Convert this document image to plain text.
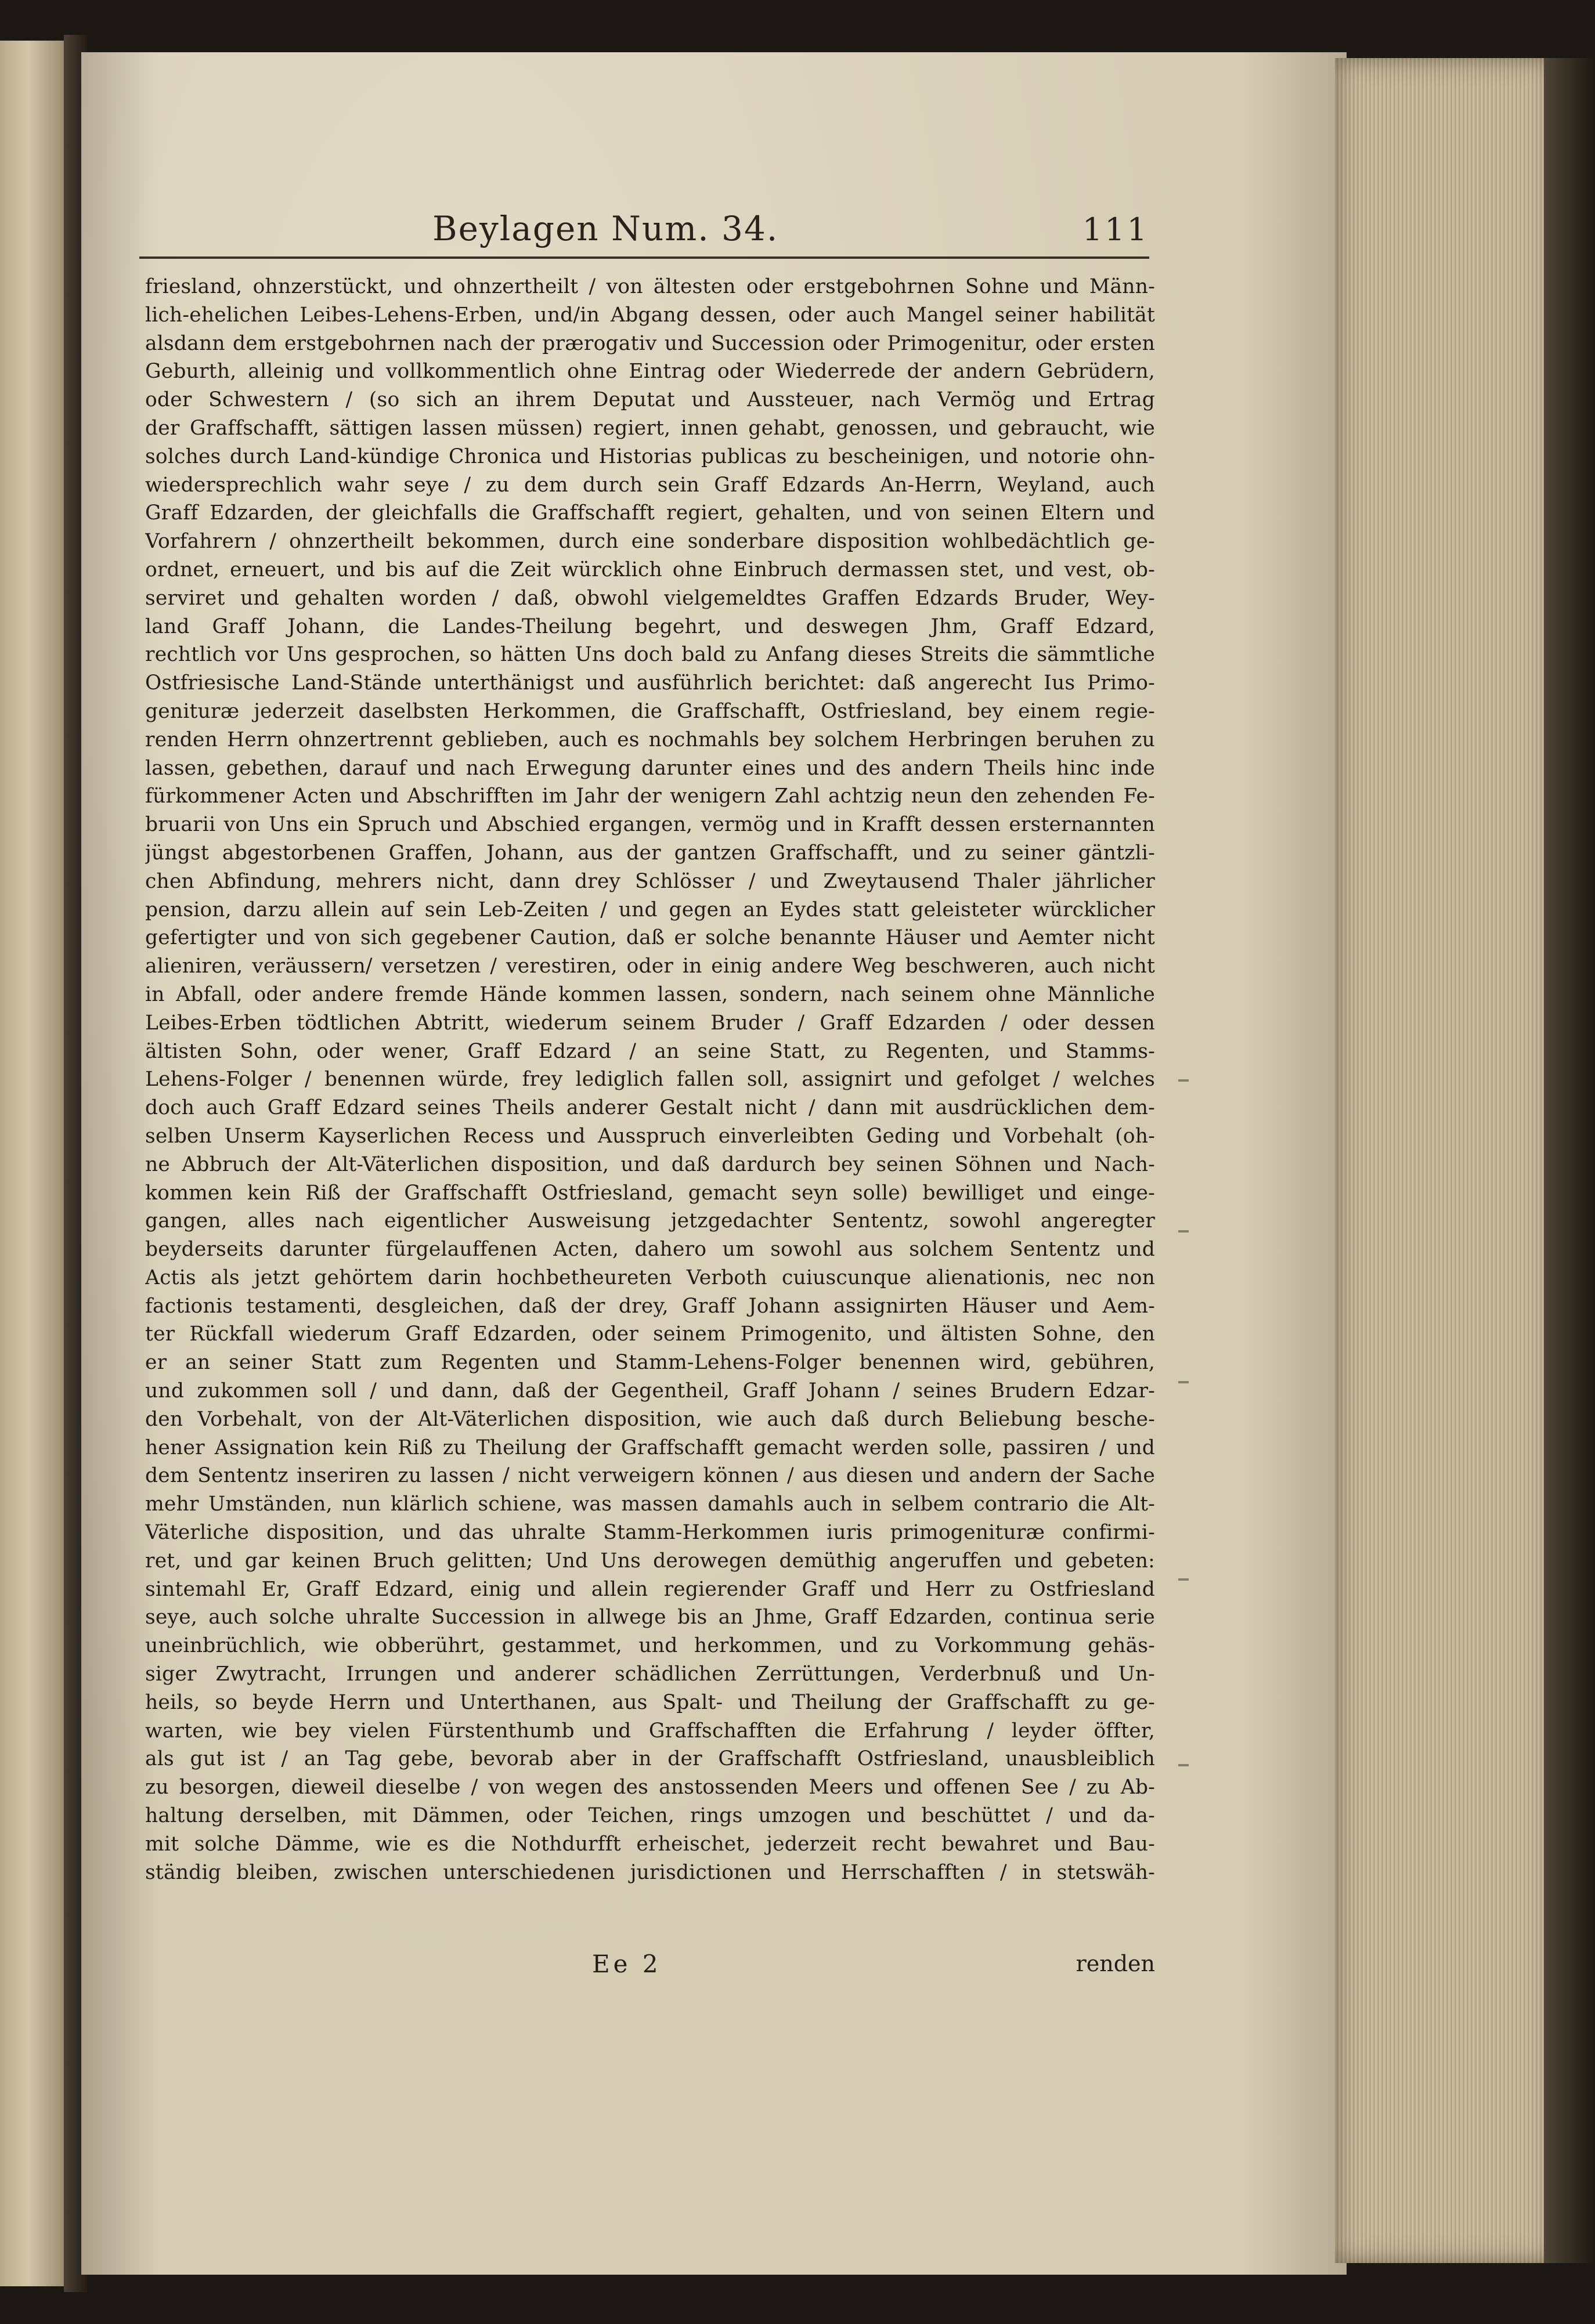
Beylagen Num. 34.	111
friesland, ohnzerstückt, und ohnzertheilt / von ältesten oder erstgebohrnen Sohne und Männ-
lich-ehelichen Leibes-Lehens-Erben, und/in Abgang dessen, oder auch Mangel seiner habilität
alsdann dem erstgebohrnen nach der prærogativ und Succession oder Primogenitur, oder ersten
Geburth, alleinig und vollkommentlich ohne Eintrag oder Wiederrede der andern Gebrüdern,
oder Schwestern / (so sich an ihrem Deputat und Aussteuer, nach Vermög und Ertrag
der Graffschafft, sättigen lassen müssen) regiert, innen gehabt, genossen, und gebraucht, wie
solches durch Land-kündige Chronica und Historias publicas zu bescheinigen, und notorie ohn-
wiedersprechlich wahr seye / zu dem durch sein Graff Edzards An-Herrn, Weyland, auch
Graff Edzarden, der gleichfalls die Graffschafft regiert, gehalten, und von seinen Eltern und
Vorfahrern / ohnzertheilt bekommen, durch eine sonderbare disposition wohlbedächtlich ge-
ordnet, erneuert, und bis auf die Zeit würcklich ohne Einbruch dermassen stet, und vest, ob-
serviret und gehalten worden / daß, obwohl vielgemeldtes Graffen Edzards Bruder, Wey-
land Graff Johann, die Landes-Theilung begehrt, und deswegen Jhm, Graff Edzard,
rechtlich vor Uns gesprochen, so hätten Uns doch bald zu Anfang dieses Streits die sämmtliche
Ostfriesische Land-Stände unterthänigst und ausführlich berichtet: daß angerecht Ius Primo-
genituræ jederzeit daselbsten Herkommen, die Graffschafft, Ostfriesland, bey einem regie-
renden Herrn ohnzertrennt geblieben, auch es nochmahls bey solchem Herbringen beruhen zu
lassen, gebethen, darauf und nach Erwegung darunter eines und des andern Theils hinc inde
fürkommener Acten und Abschrifften im Jahr der wenigern Zahl achtzig neun den zehenden Fe-
bruarii von Uns ein Spruch und Abschied ergangen, vermög und in Krafft dessen ersternannten
jüngst abgestorbenen Graffen, Johann, aus der gantzen Graffschafft, und zu seiner gäntzli-
chen Abfindung, mehrers nicht, dann drey Schlösser / und Zweytausend Thaler jährlicher
pension, darzu allein auf sein Leb-Zeiten / und gegen an Eydes statt geleisteter würcklicher
gefertigter und von sich gegebener Caution, daß er solche benannte Häuser und Aemter nicht
alieniren, veräussern/ versetzen / verestiren, oder in einig andere Weg beschweren, auch nicht
in Abfall, oder andere fremde Hände kommen lassen, sondern, nach seinem ohne Männliche
Leibes-Erben tödtlichen Abtritt, wiederum seinem Bruder / Graff Edzarden / oder dessen
ältisten Sohn, oder wener, Graff Edzard / an seine Statt, zu Regenten, und Stamms-
Lehens-Folger / benennen würde, frey lediglich fallen soll, assignirt und gefolget / welches
doch auch Graff Edzard seines Theils anderer Gestalt nicht / dann mit ausdrücklichen dem-
selben Unserm Kayserlichen Recess und Ausspruch einverleibten Geding und Vorbehalt (oh-
ne Abbruch der Alt-Väterlichen disposition, und daß dardurch bey seinen Söhnen und Nach-
kommen kein Riß der Graffschafft Ostfriesland, gemacht seyn solle) bewilliget und einge-
gangen, alles nach eigentlicher Ausweisung jetzgedachter Sententz, sowohl angeregter
beyderseits darunter fürgelauffenen Acten, dahero um sowohl aus solchem Sententz und
Actis als jetzt gehörtem darin hochbetheureten Verboth cuiuscunque alienationis, nec non
factionis testamenti, desgleichen, daß der drey, Graff Johann assignirten Häuser und Aem-
ter Rückfall wiederum Graff Edzarden, oder seinem Primogenito, und ältisten Sohne, den
er an seiner Statt zum Regenten und Stamm-Lehens-Folger benennen wird, gebühren,
und zukommen soll / und dann, daß der Gegentheil, Graff Johann / seines Brudern Edzar-
den Vorbehalt, von der Alt-Väterlichen disposition, wie auch daß durch Beliebung besche-
hener Assignation kein Riß zu Theilung der Graffschafft gemacht werden solle, passiren / und
dem Sententz inseriren zu lassen / nicht verweigern können / aus diesen und andern der Sache
mehr Umständen, nun klärlich schiene, was massen damahls auch in selbem contrario die Alt-
Väterliche disposition, und das uhralte Stamm-Herkommen iuris primogenituræ confirmi-
ret, und gar keinen Bruch gelitten; Und Uns derowegen demüthig angeruffen und gebeten:
sintemahl Er, Graff Edzard, einig und allein regierender Graff und Herr zu Ostfriesland
seye, auch solche uhralte Succession in allwege bis an Jhme, Graff Edzarden, continua serie
uneinbrüchlich, wie obberührt, gestammet, und herkommen, und zu Vorkommung gehäs-
siger Zwytracht, Irrungen und anderer schädlichen Zerrüttungen, Verderbnuß und Un-
heils, so beyde Herrn und Unterthanen, aus Spalt- und Theilung der Graffschafft zu ge-
warten, wie bey vielen Fürstenthumb und Graffschafften die Erfahrung / leyder öffter,
als gut ist / an Tag gebe, bevorab aber in der Graffschafft Ostfriesland, unausbleiblich
zu besorgen, dieweil dieselbe / von wegen des anstossenden Meers und offenen See / zu Ab-
haltung derselben, mit Dämmen, oder Teichen, rings umzogen und beschüttet / und da-
mit solche Dämme, wie es die Nothdurfft erheischet, jederzeit recht bewahret und Bau-
ständig bleiben, zwischen unterschiedenen jurisdictionen und Herrschafften / in stetswäh-
Ee 2	renden
